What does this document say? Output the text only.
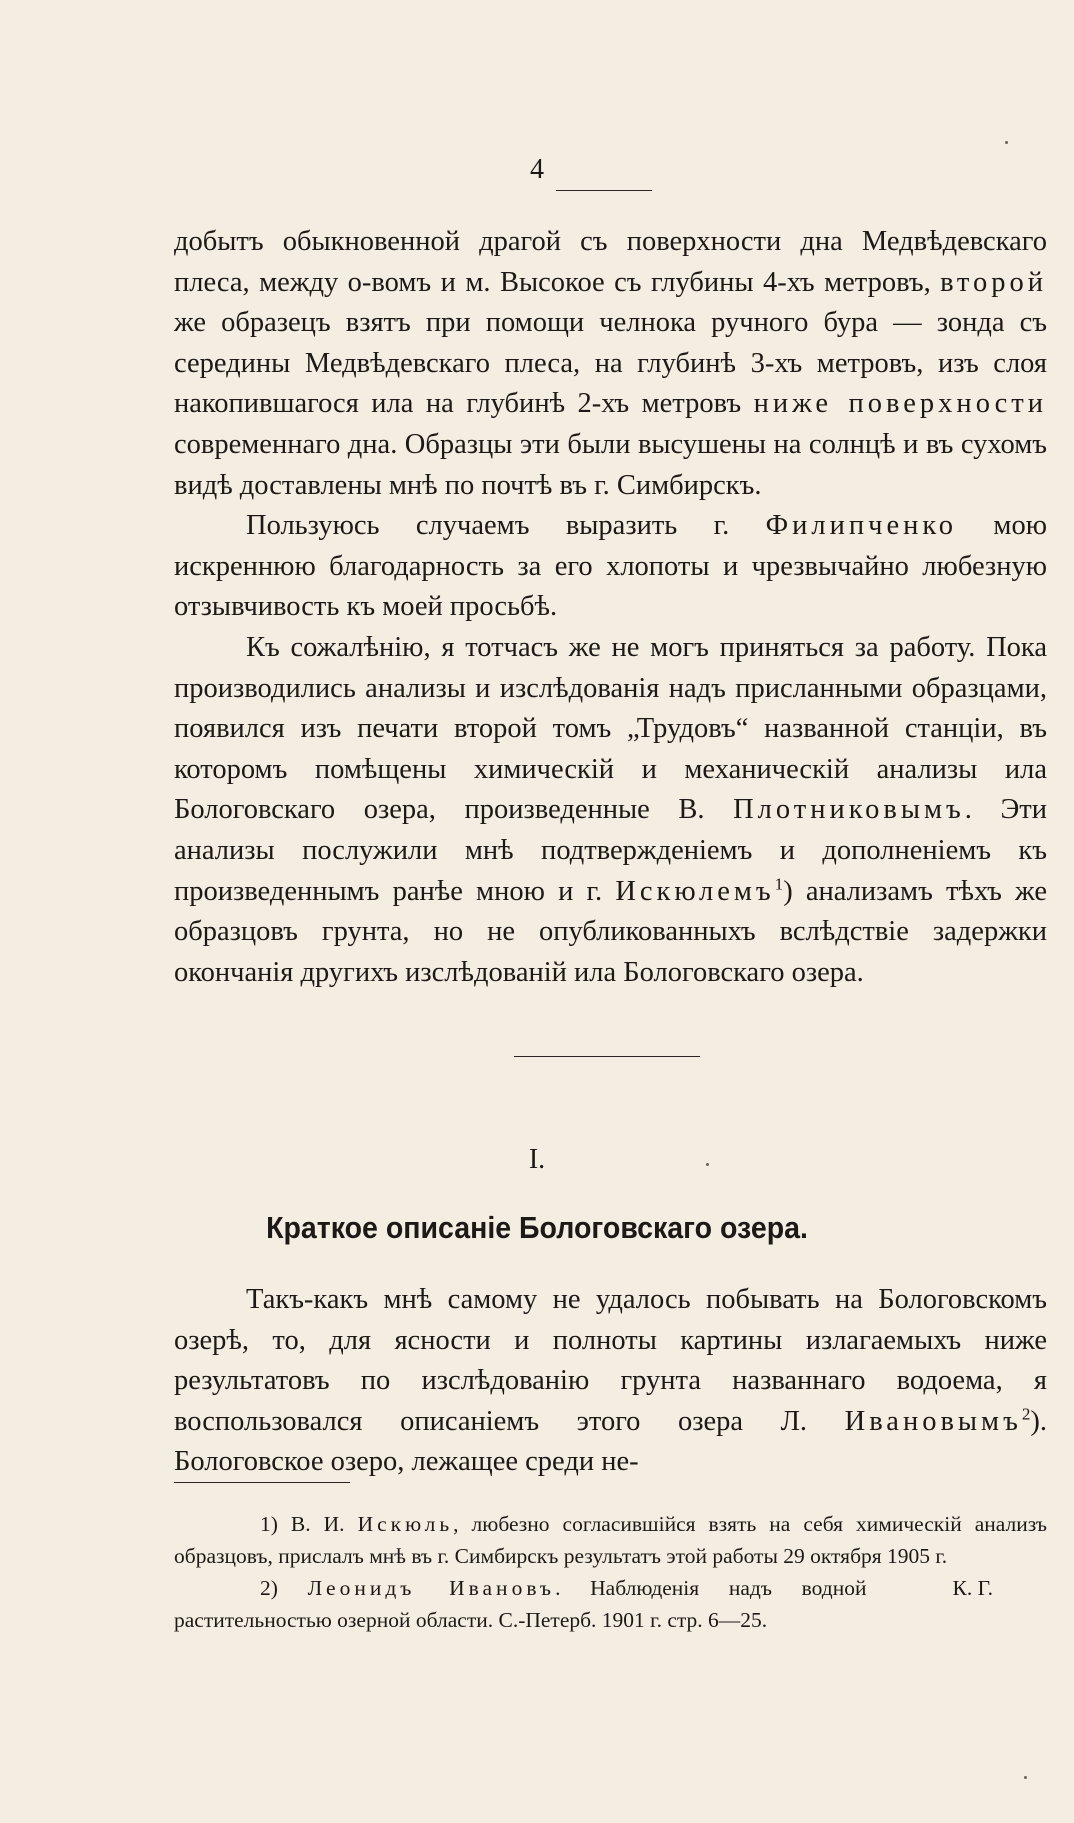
4

добытъ обыкновенной драгой съ поверхности дна Медвѣдевскаго плеса, между о-вомъ и м. Высокое съ глубины 4-хъ метровъ, второй же образецъ взятъ при помощи челнока ручного бура — зонда съ середины Медвѣдевскаго плеса, на глубинѣ 3-хъ метровъ, изъ слоя накопившагося ила на глубинѣ 2-хъ метровъ ниже поверхности современнаго дна. Образцы эти были высушены на солнцѣ и въ сухомъ видѣ доставлены мнѣ по почтѣ въ г. Симбирскъ.

Пользуюсь случаемъ выразить г. Филипченко мою искреннюю благодарность за его хлопоты и чрезвычайно любезную отзывчивость къ моей просьбѣ.

Къ сожалѣнію, я тотчасъ же не могъ приняться за работу. Пока производились анализы и изслѣдованія надъ присланными образцами, появился изъ печати второй томъ „Трудовъ“ названной станціи, въ которомъ помѣщены химическій и механическій анализы ила Бологовскаго озера, произведенные В. Плотниковымъ. Эти анализы послужили мнѣ подтвержденіемъ и дополненіемъ къ произведеннымъ ранѣе мною и г. Искюлемъ$^1$) анализамъ тѣхъ же образцовъ грунта, но не опубликованныхъ вслѣдствіе задержки окончанія другихъ изслѣдованій ила Бологовскаго озера.

I.
Краткое описаніе Бологовскаго озера.

Такъ-какъ мнѣ самому не удалось побывать на Бологовскомъ озерѣ, то, для ясности и полноты картины излагаемыхъ ниже результатовъ по изслѣдованію грунта названнаго водоема, я воспользовался описаніемъ этого озера Л. Ивановымъ$^2$). Бологовское озеро, лежащее среди не-

1) В. И. Искюль, любезно согласившійся взять на себя химическій анализъ образцовъ, прислалъ мнѣ въ г. Симбирскъ результатъ этой работы 29 октября 1905 г.
К. Г.

2) Леонидъ Ивановъ. Наблюденія надъ водной растительностью озерной области. С.-Петерб. 1901 г. стр. 6—25.
